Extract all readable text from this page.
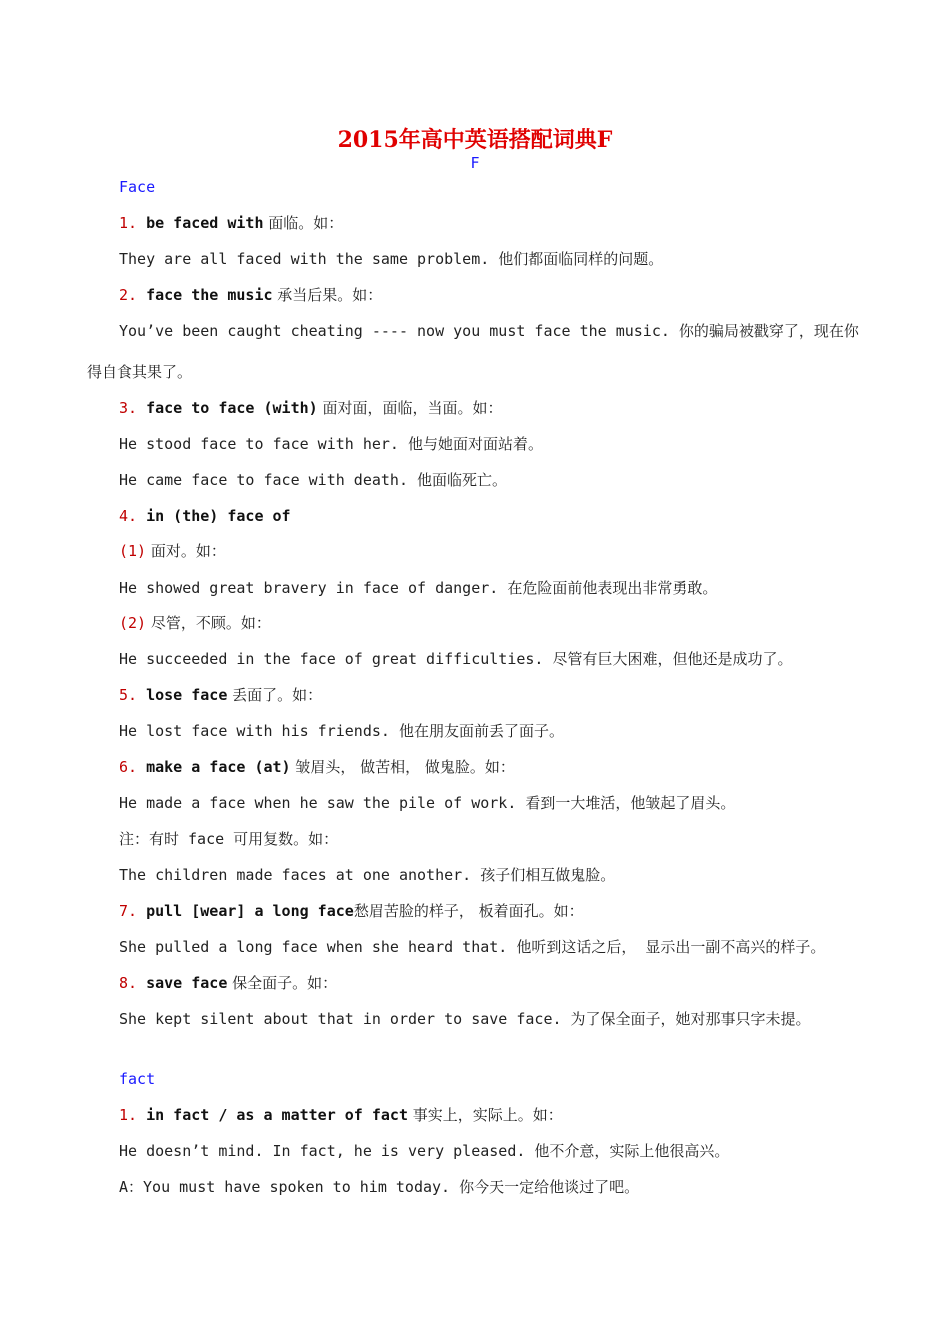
2015年高中英语搭配词典F
F
Face
1. be faced with 面临。如：
They are all faced with the same problem. 他们都面临同样的问题。
2. face the music 承当后果。如：
You’ve been caught cheating ---- now you must face the music. 你的骗局被戳穿了，现在你
得自食其果了。
3. face to face (with) 面对面，面临，当面。如：
He stood face to face with her. 他与她面对面站着。
He came face to face with death. 他面临死亡。
4. in (the) face of
(1) 面对。如：
He showed great bravery in face of danger. 在危险面前他表现出非常勇敢。
(2) 尽管，不顾。如：
He succeeded in the face of great difficulties. 尽管有巨大困难，但他还是成功了。
5. lose face 丢面了。如：
He lost face with his friends. 他在朋友面前丢了面子。
6. make a face (at) 皱眉头， 做苦相， 做鬼脸。如：
He made a face when he saw the pile of work. 看到一大堆活，他皱起了眉头。
注：有时 face 可用复数。如：
The children made faces at one another. 孩子们相互做鬼脸。
7. pull [wear] a long face愁眉苦脸的样子， 板着面孔。如：
She pulled a long face when she heard that. 他听到这话之后， 显示出一副不高兴的样子。
8. save face 保全面子。如：
She kept silent about that in order to save face. 为了保全面子，她对那事只字未提。
fact
1. in fact / as a matter of fact 事实上，实际上。如：
He doesn’t mind. In fact, he is very pleased. 他不介意，实际上他很高兴。
A：You must have spoken to him today. 你今天一定给他谈过了吧。
